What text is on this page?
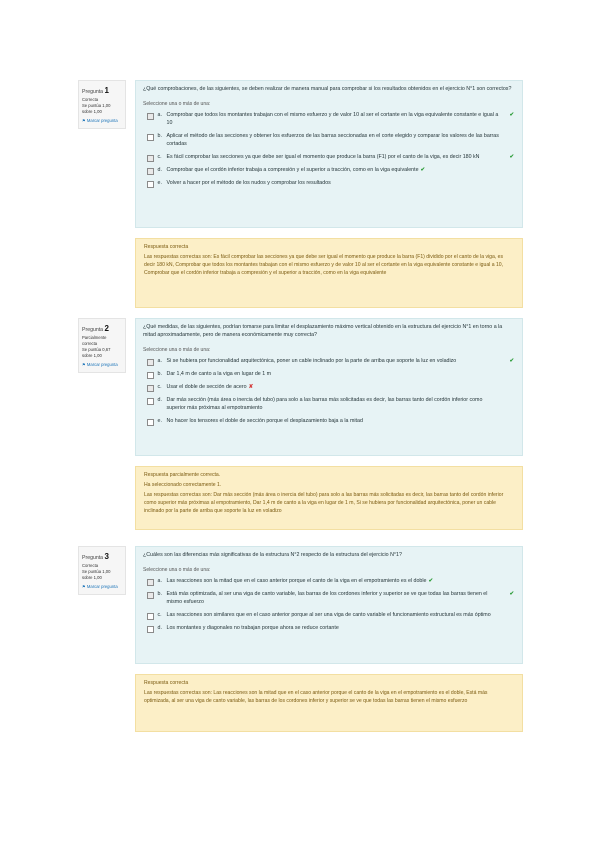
Pregunta 1
Correcta
Se puntúa 1,00 sobre 1,00
⚑ Marcar pregunta

¿Qué comprobaciones, de las siguientes, se deben realizar de manera manual para comprobar si los resultados obtenidos en el ejercicio N°1 son correctos?

Seleccione una o más de una:
a. Comprobar que todos los montantes trabajan con el mismo esfuerzo y de valor 10 al ser el cortante en la viga equivalente constante e igual a 10
✔
b. Aplicar el método de las secciones y obtener los esfuerzos de las barras seccionadas en el corte elegido y comparar los valores de las barras cortadas
c. Es fácil comprobar las secciones ya que debe ser igual el momento que produce la barra (F1) por el canto de la viga, es decir 180 kN	✔
d. Comprobar que el cordón inferior trabaja a compresión y el superior a tracción, como en la viga equivalente ✔
e. Volver a hacer por el método de los nudos y comprobar los resultados

Respuesta correcta

Las respuestas correctas son: Es fácil comprobar las secciones ya que debe ser igual el momento que produce la barra (F1) dividido por el canto de la viga, es decir 180 kN, Comprobar que todos los montantes trabajan con el mismo esfuerzo y de valor 10 al ser el cortante en la viga equivalente constante e igual a 10, Comprobar que el cordón inferior trabaja a compresión y el superior a tracción, como en la viga equivalente

Pregunta 2
Parcialmente correcta
Se puntúa 0,67 sobre 1,00
⚑ Marcar pregunta

¿Qué medidas, de las siguientes, podrían tomarse para limitar el desplazamiento máximo vertical obtenido en la estructura del ejercicio N°1 en torno a la mitad aproximadamente, pero de manera económicamente muy correcta?

Seleccione una o más de una:
a. Si se hubiera por funcionalidad arquitectónica, poner un cable inclinado por la parte de arriba que soporte la luz en voladizo	✔
b. Dar 1,4 m de canto a la viga en lugar de 1 m
c. Usar el doble de sección de acero ✘
d. Dar más sección (más área o inercia del tubo) para solo a las barras más solicitadas es decir, las barras tanto del cordón inferior como superior más próximas al empotramiento
e. No hacer los tensores el doble de sección porque el desplazamiento baja a la mitad

Respuesta parcialmente correcta.

Ha seleccionado correctamente 1.

Las respuestas correctas son: Dar más sección (más área o inercia del tubo) para solo a las barras más solicitadas es decir, las barras tanto del cordón inferior como superior más próximas al empotramiento, Dar 1,4 m de canto a la viga en lugar de 1 m, Si se hubiera por funcionalidad arquitectónica, poner un cable inclinado por la parte de arriba que soporte la luz en voladizo

Pregunta 3
Correcta
Se puntúa 1,00 sobre 1,00
⚑ Marcar pregunta

¿Cuáles son las diferencias más significativas de la estructura N°2 respecto de la estructura del ejercicio N°1?

Seleccione una o más de una:
a. Las reacciones son la mitad que en el caso anterior porque el canto de la viga en el empotramiento es el doble ✔
b. Está más optimizada, al ser una viga de canto variable, las barras de los cordones inferior y superior se ve que todas las barras tienen el mismo esfuerzo
✔
c. Las reacciones son similares que en el caso anterior porque al ser una viga de canto variable el funcionamiento estructural es más óptimo
d. Los montantes y diagonales no trabajan porque ahora se reduce cortante

Respuesta correcta

Las respuestas correctas son: Las reacciones son la mitad que en el caso anterior porque el canto de la viga en el empotramiento es el doble, Está más optimizada, al ser una viga de canto variable, las barras de los cordones inferior y superior se ve que todas las barras tienen el mismo esfuerzo
